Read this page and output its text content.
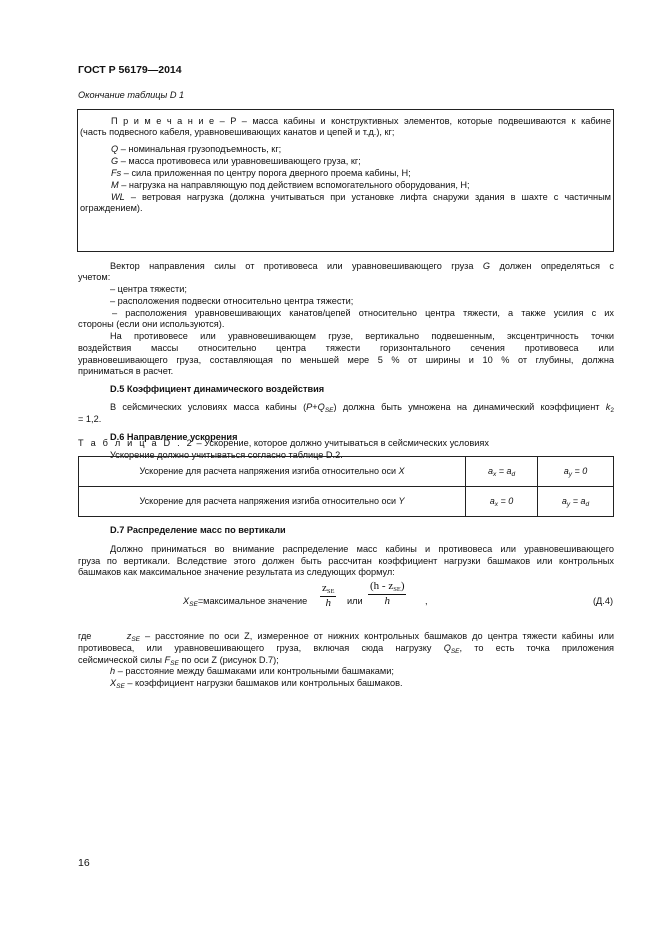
ГОСТ Р 56179—2014
Окончание таблицы D 1

П р и м е ч а н и е – P – масса кабины и конструктивных элементов, которые подвешиваются к кабине

(часть подвесного кабеля, уравновешивающих канатов и цепей и т.д.), кг;

Q – номинальная грузоподъемность, кг;

G – масса противовеса или уравновешивающего груза, кг;

Fs – сила приложенная по центру порога дверного проема кабины, Н;

M – нагрузка на направляющую под действием вспомогательного оборудования, Н;

WL – ветровая нагрузка (должна учитываться при установке лифта снаружи здания в шахте с частичным

ограждением).

Вектор направления силы от противовеса или уравновешивающего груза G должен определяться с
учетом:
– центра тяжести;
– расположения подвески относительно центра тяжести;
– расположения уравновешивающих канатов/цепей относительно центра тяжести, а также усилия с их
стороны (если они используются).
На противовесе или уравновешивающем грузе, вертикально подвешенным, эксцентричность точки
воздействия массы относительно центра тяжести горизонтального сечения противовеса или
уравновешивающего груза, составляющая по меньшей мере 5 % от ширины и 10 % от глубины, должна
приниматься в расчет.
D.5 Коэффициент динамического воздействия
В сейсмических условиях масса кабины $(P+Q_{SE})$ должна быть умножена на динамический коэффициент $k_2$
= 1,2.
D.6 Направление ускорения
Ускорение должно учитываться согласно таблице D.2.
Т а б л и ц а D . 2 – Ускорение, которое должно учитываться в сейсмических условиях
Ускорение для расчета напряжения изгиба относительно оси X	$a_x = a_d$	$a_y = 0$
Ускорение для расчета напряжения изгиба относительно оси Y	$a_x = 0$	$a_y = a_d$
D.7 Распределение масс по вертикали
Должно приниматься во внимание распределение масс кабины и противовеса или уравновешивающего
груза по вертикали. Вследствие этого должен быть рассчитан коэффициент нагрузки башмаков или контрольных
башмаков как максимальное значение результата из следующих формул:
$X_{SE}=максимальное$ значение
$z_{SE}$
h	или
$(h - z_{SE})$
h	,	(Д.4)
где	$z_{SE}$ – расстояние по оси Z, измеренное от нижних контрольных башмаков до центра тяжести кабины или
противовеса, или уравновешивающего груза, включая сюда нагрузку $Q_{SE}$, то есть точка приложения
сейсмической силы $F_{SE}$ по оси Z (рисунок D.7);
h – расстояние между башмаками или контрольными башмаками;
$X_{SE}$ – коэффициент нагрузки башмаков или контрольных башмаков.
16
